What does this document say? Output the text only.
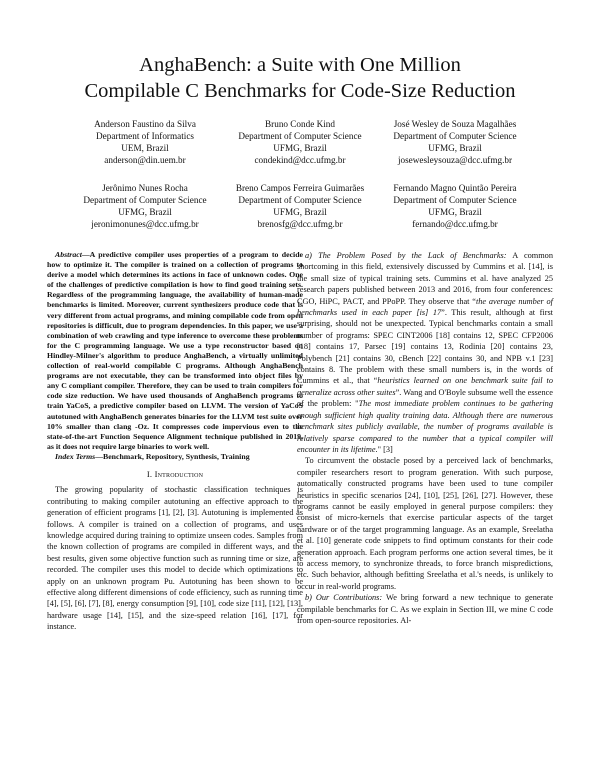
AnghaBench: a Suite with One Million
Compilable C Benchmarks for Code-Size Reduction
Anderson Faustino da Silva
Department of Informatics
UEM, Brazil
anderson@din.uem.br
Bruno Conde Kind
Department of Computer Science
UFMG, Brazil
condekind@dcc.ufmg.br
José Wesley de Souza Magalhães
Department of Computer Science
UFMG, Brazil
josewesleysouza@dcc.ufmg.br
Jerônimo Nunes Rocha
Department of Computer Science
UFMG, Brazil
jeronimonunes@dcc.ufmg.br
Breno Campos Ferreira Guimarães
Department of Computer Science
UFMG, Brazil
brenosfg@dcc.ufmg.br
Fernando Magno Quintão Pereira
Department of Computer Science
UFMG, Brazil
fernando@dcc.ufmg.br

Abstract—A predictive compiler uses properties of a program to decide how to optimize it. The compiler is trained on a collection of programs to derive a model which determines its actions in face of unknown codes. One of the challenges of predictive compilation is how to find good training sets. Regardless of the programming language, the availability of human-made benchmarks is limited. Moreover, current synthesizers produce code that is very different from actual programs, and mining compilable code from open repositories is difficult, due to program dependencies. In this paper, we use a combination of web crawling and type inference to overcome these problems for the C programming language. We use a type reconstructor based on Hindley-Milner's algorithm to produce AnghaBench, a virtually unlimited collection of real-world compilable C programs. Although AnghaBench programs are not executable, they can be transformed into object files by any C compliant compiler. Therefore, they can be used to train compilers for code size reduction. We have used thousands of AnghaBench programs to train YaCoS, a predictive compiler based on LLVM. The version of YaCoS autotuned with AnghaBench generates binaries for the LLVM test suite over 10% smaller than clang -Oz. It compresses code impervious even to the state-of-the-art Function Sequence Alignment technique published in 2019, as it does not require large binaries to work well.

Index Terms—Benchmark, Repository, Synthesis, Training

I. Introduction

The growing popularity of stochastic classification techniques is contributing to making compiler autotuning an effective approach to the generation of efficient programs [1], [2], [3]. Autotuning is implemented as follows. A compiler is trained on a collection of programs, and uses knowledge acquired during training to optimize unseen codes. Samples from the known collection of programs are compiled in different ways, and the best results, given some objective function such as running time or size, are recorded. The compiler uses this model to decide which optimizations to apply on an unknown program Pu. Autotuning has been shown to be effective along different dimensions of code efficiency, such as running time [4], [5], [6], [7], [8], energy consumption [9], [10], code size [11], [12], [13], hardware usage [14], [15], and the size-speed relation [16], [17], for instance.

a) The Problem Posed by the Lack of Benchmarks: A common shortcoming in this field, extensively discussed by Cummins et al. [14], is the small size of typical training sets. Cummins et al. have analyzed 25 research papers published between 2013 and 2016, from four conferences: CGO, HiPC, PACT, and PPoPP. They observe that “the average number of benchmarks used in each paper [is] 17”. This result, although at first surprising, should not be unexpected. Typical benchmarks contain a small number of programs: SPEC CINT2006 [18] contains 12, SPEC CFP2006 [18] contains 17, Parsec [19] contains 13, Rodinia [20] contains 23, Polybench [21] contains 30, cBench [22] contains 30, and NPB v.1 [23] contains 8. The problem with these small numbers is, in the words of Cummins et al., that “heuristics learned on one benchmark suite fail to generalize across other suites”. Wang and O'Boyle subsume well the essence of the problem: "The most immediate problem continues to be gathering enough sufficient high quality training data. Although there are numerous benchmark sites publicly available, the number of programs available is relatively sparse compared to the number that a typical compiler will encounter in its lifetime." [3]

To circumvent the obstacle posed by a perceived lack of benchmarks, compiler researchers resort to program generation. With such purpose, automatically constructed programs have been used to tune compiler heuristics in specific scenarios [24], [10], [25], [26], [27]. However, these programs cannot be easily employed in general purpose compilers: they consist of micro-kernels that exercise particular aspects of the target hardware or of the target programming language. As an example, Sreelatha et al. [10] generate code snippets to find optimum constants for their code generation approach. Each program performs one action several times, be it to access memory, to synchronize threads, to force branch mispredictions, etc. Such behavior, although befitting Sreelatha et al.'s needs, is unlikely to occur in real-world programs.

b) Our Contributions: We bring forward a new technique to generate compilable benchmarks for C. As we explain in Section III, we mine C code from open-source repositories. Al-
